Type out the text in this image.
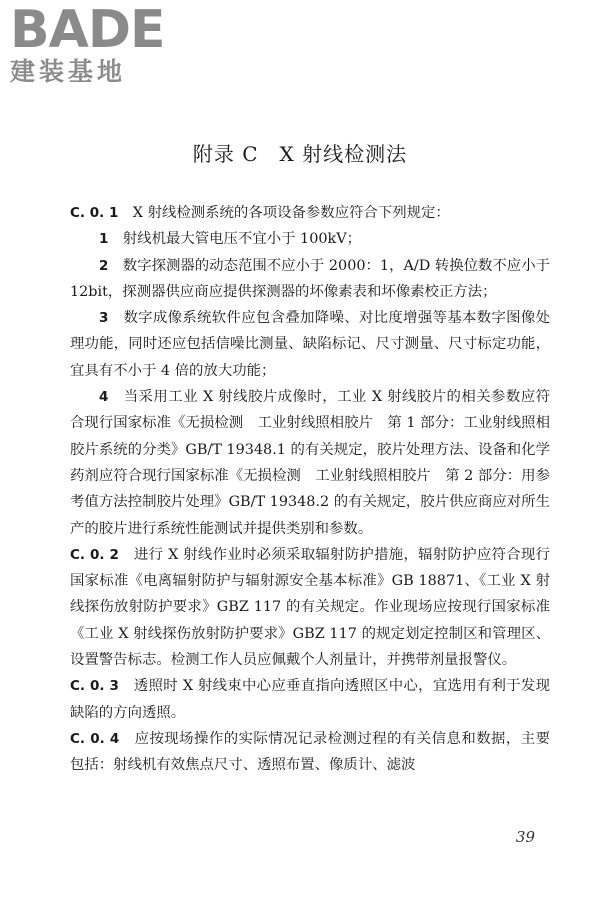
BADE
建装基地
附录 C　X 射线检测法

C. 0. 1　X 射线检测系统的各项设备参数应符合下列规定：

1　射线机最大管电压不宜小于 100kV；

2　数字探测器的动态范围不应小于 2000：1，A/D 转换位数不应小于 12bit，探测器供应商应提供探测器的坏像素表和坏像素校正方法；

3　数字成像系统软件应包含叠加降噪、对比度增强等基本数字图像处理功能，同时还应包括信噪比测量、缺陷标记、尺寸测量、尺寸标定功能，宜具有不小于 4 倍的放大功能；

4　当采用工业 X 射线胶片成像时，工业 X 射线胶片的相关参数应符合现行国家标准《无损检测　工业射线照相胶片　第 1 部分：工业射线照相胶片系统的分类》GB/T 19348.1 的有关规定，胶片处理方法、设备和化学药剂应符合现行国家标准《无损检测　工业射线照相胶片　第 2 部分：用参考值方法控制胶片处理》GB/T 19348.2 的有关规定，胶片供应商应对所生产的胶片进行系统性能测试并提供类别和参数。

C. 0. 2　进行 X 射线作业时必须采取辐射防护措施，辐射防护应符合现行国家标准《电离辐射防护与辐射源安全基本标准》GB 18871、《工业 X 射线探伤放射防护要求》GBZ 117 的有关规定。作业现场应按现行国家标准《工业 X 射线探伤放射防护要求》GBZ 117 的规定划定控制区和管理区、设置警告标志。检测工作人员应佩戴个人剂量计，并携带剂量报警仪。

C. 0. 3　透照时 X 射线束中心应垂直指向透照区中心，宜选用有利于发现缺陷的方向透照。

C. 0. 4　应按现场操作的实际情况记录检测过程的有关信息和数据，主要包括：射线机有效焦点尺寸、透照布置、像质计、滤波

39
